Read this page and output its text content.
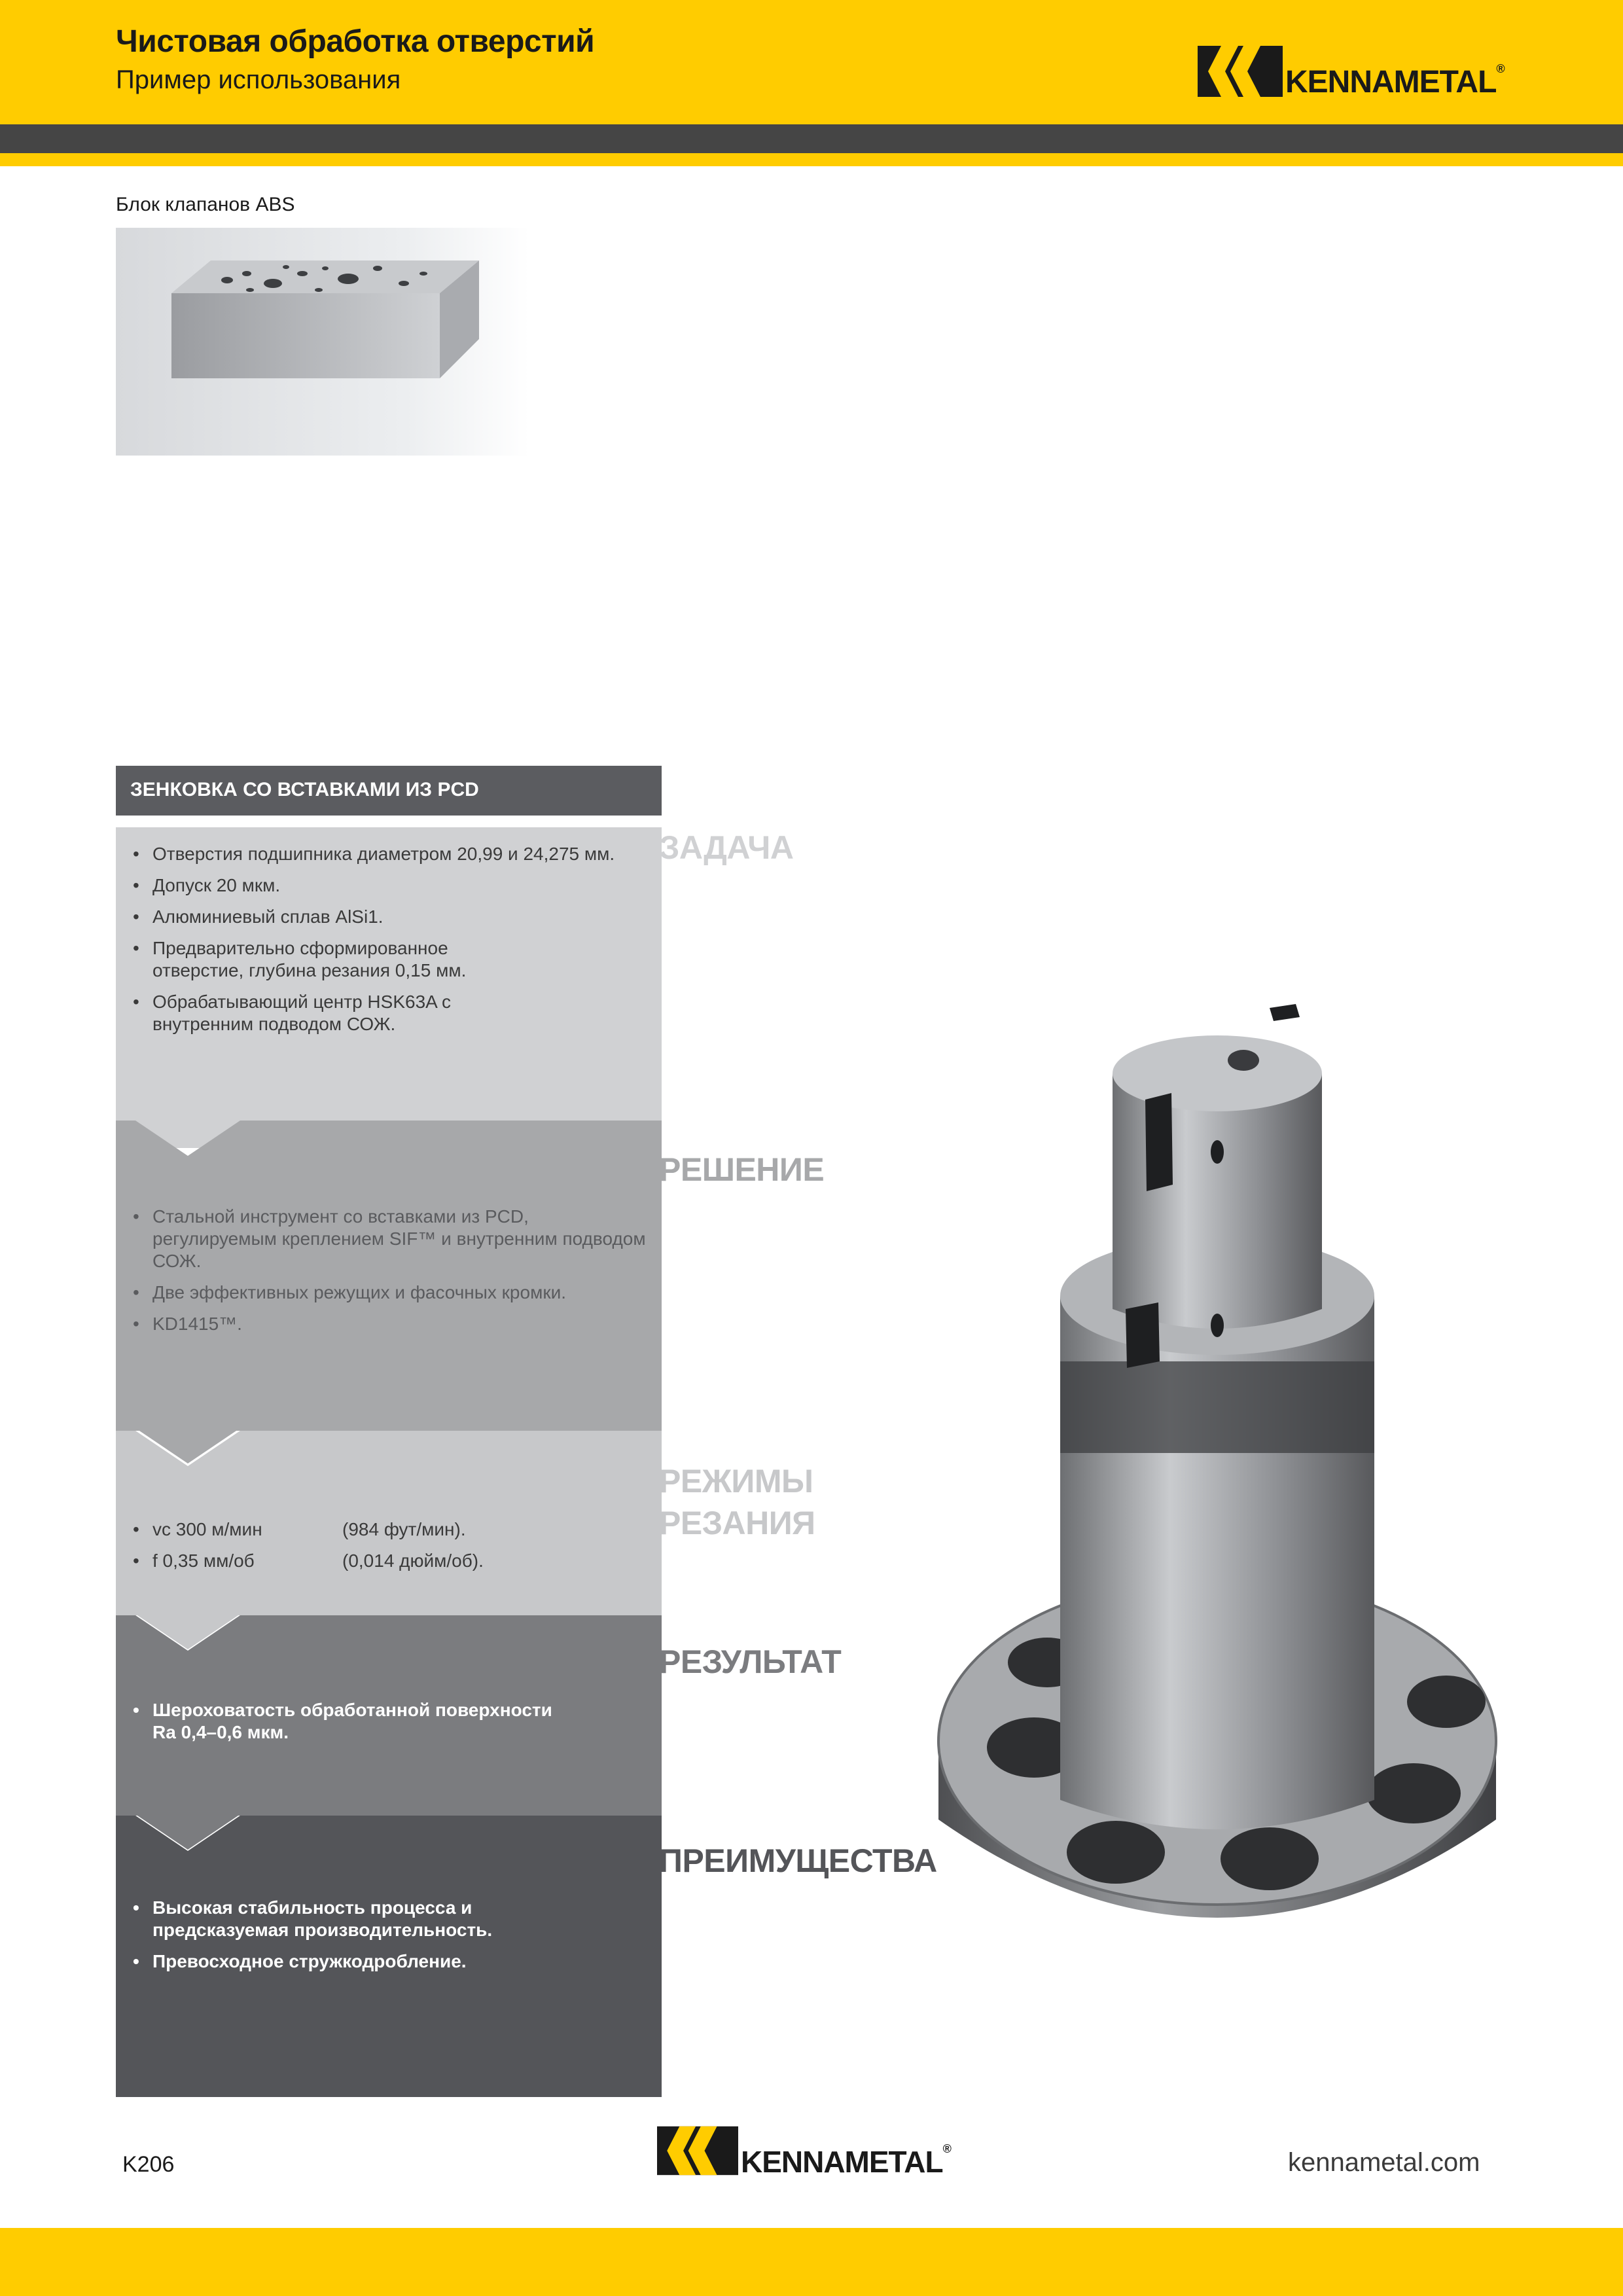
Чистовая обработка отверстий
Пример использования	KENNAMETAL ®
Блок клапанов ABS
ЗЕНКОВКА СО ВСТАВКАМИ ИЗ PCD
ЗАДАЧА
• Отверстия подшипника диаметром 20,99 и 24,275 мм.
• Допуск 20 мкм.
• Алюминиевый сплав AlSi1.
• Предварительно сформированное отверстие, глубина резания 0,15 мм.
• Обрабатывающий центр HSK63A с внутренним подводом СОЖ.
РЕШЕНИЕ
• Стальной инструмент со вставками из PCD, регулируемым креплением SIF™ и внутренним подводом СОЖ.
• Две эффективных режущих и фасочных кромки.
• KD1415™.
РЕЖИМЫ
РЕЗАНИЯ
• vc 300 м/мин	(984 фут/мин).
• f 0,35 мм/об	(0,014 дюйм/об).
РЕЗУЛЬТАТ
• Шероховатость обработанной поверхности Ra 0,4–0,6 мкм.
ПРЕИМУЩЕСТВА
• Высокая стабильность процесса и предсказуемая производительность.
• Превосходное стружкодробление.
K206	KENNAMETAL ®	kennametal.com
